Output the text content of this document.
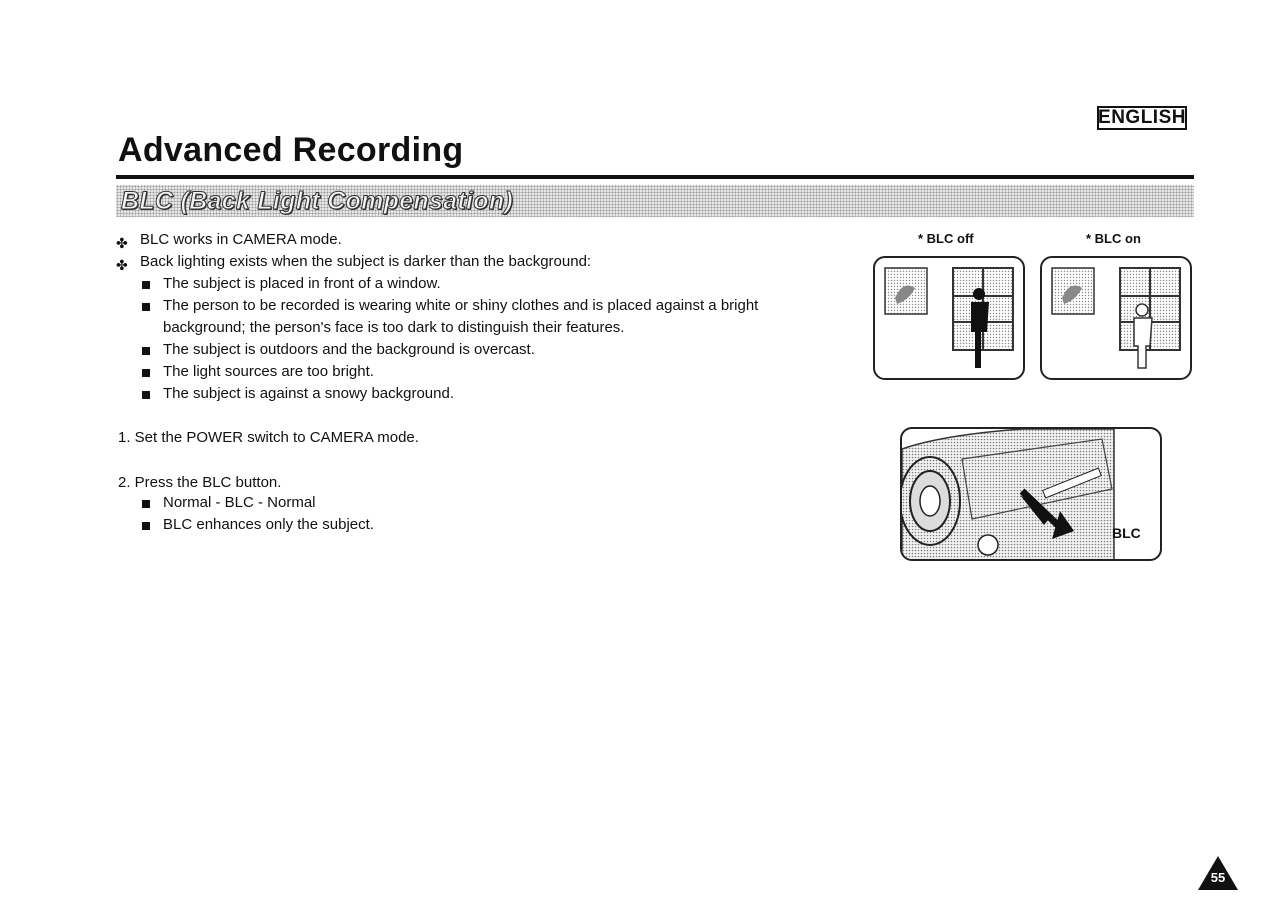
ENGLISH
Advanced Recording
BLC (Back Light Compensation)
✤ BLC works in CAMERA mode.
✤ Back lighting exists when the subject is darker than the background:
The subject is placed in front of a window.
The person to be recorded is wearing white or shiny clothes and is placed against a bright
background; the person's face is too dark to distinguish their features.
The subject is outdoors and the background is overcast.
The light sources are too bright.
The subject is against a snowy background.
1. Set the POWER switch to CAMERA mode.
2. Press the BLC button.
Normal - BLC - Normal
BLC enhances only the subject.
* BLC off	* BLC on
BLC
55
